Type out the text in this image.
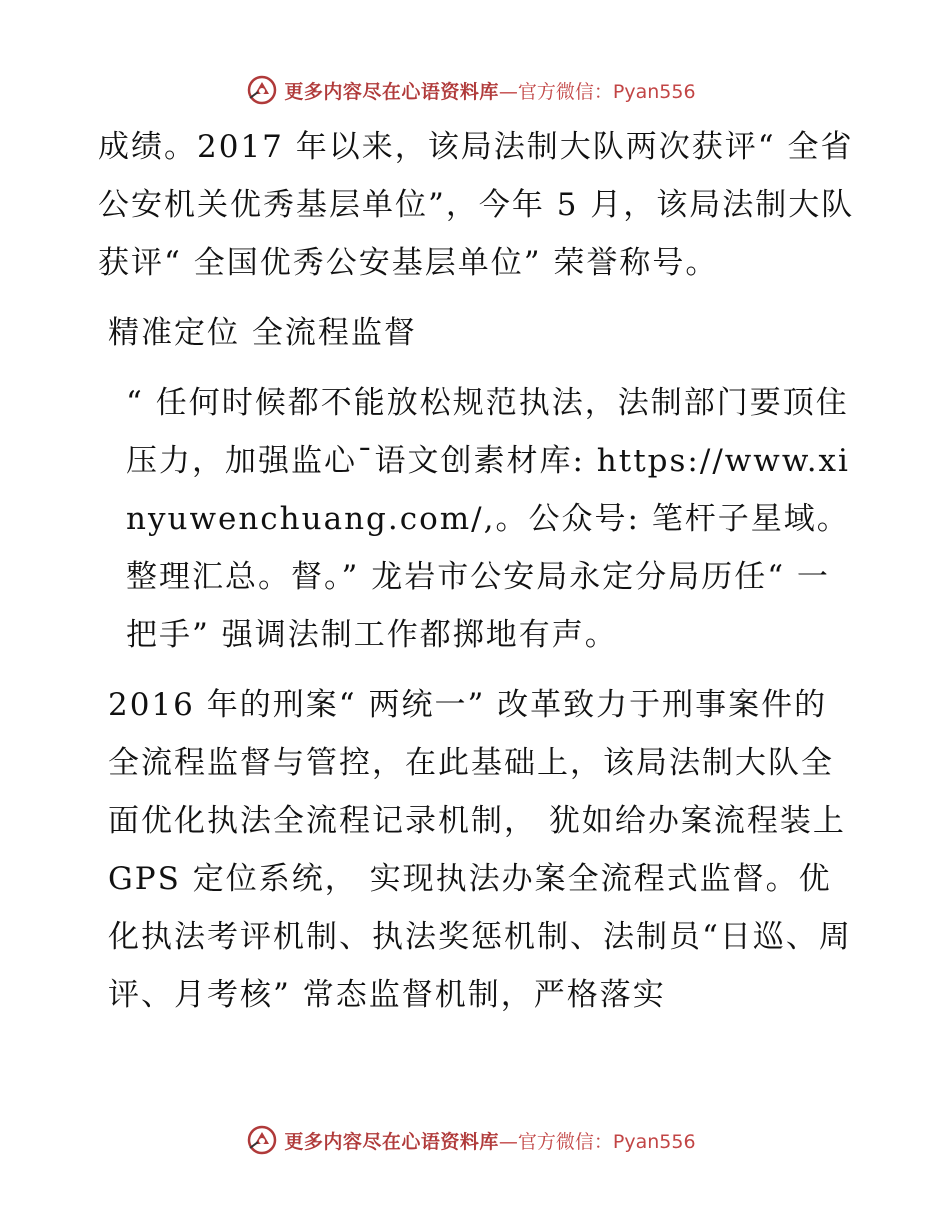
更多内容尽在心语资料库 —官方微信：Pyan556

成绩。2017 年以来，该局法制大队两次获评“ 全省公安机关优秀基层单位”，今年 5 月，该局法制大队获评“ 全国优秀公安基层单位” 荣誉称号。

精准定位 全流程监督

“ 任何时候都不能放松规范执法，法制部门要顶住压力，加强监心¯语文创素材库: https://www.xinyuwenchuang.com/,。公众号: 笔杆子星域。整理汇总。督。” 龙岩市公安局永定分局历任“ 一把手” 强调法制工作都掷地有声。

2016 年的刑案“ 两统一” 改革致力于刑事案件的全流程监督与管控，在此基础上，该局法制大队全面优化执法全流程记录机制， 犹如给办案流程装上 GPS 定位系统， 实现执法办案全流程式监督。优化执法考评机制、执法奖惩机制、法制员“日巡、周评、月考核” 常态监督机制，严格落实

更多内容尽在心语资料库 —官方微信：Pyan556
